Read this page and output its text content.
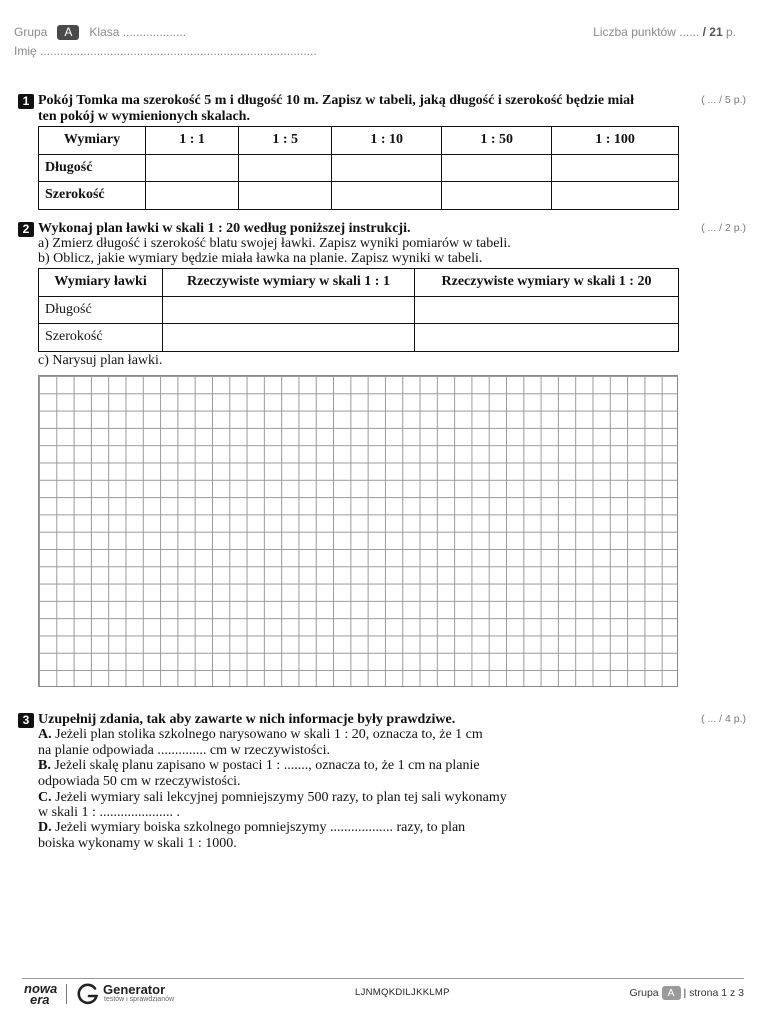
Grupa A Klasa ...................	Liczba punktów ...... / 21 p.
Imię ...................................................................................
1 Pokój Tomka ma szerokość 5 m i długość 10 m. Zapisz w tabeli, jaką długość i szerokość będzie miał
ten pokój w wymienionych skalach.
( ... / 5 p.)
Wymiary	1 : 1	1 : 5	1 : 10	1 : 50	1 : 100
Długość					
Szerokość					
2 Wykonaj plan ławki w skali 1 : 20 według poniższej instrukcji.	( ... / 2 p.)
a) Zmierz długość i szerokość blatu swojej ławki. Zapisz wyniki pomiarów w tabeli.
b) Oblicz, jakie wymiary będzie miała ławka na planie. Zapisz wyniki w tabeli.
Wymiary ławki	Rzeczywiste wymiary w skali 1 : 1	Rzeczywiste wymiary w skali 1 : 20
Długość		
Szerokość		
c) Narysuj plan ławki.
3 Uzupełnij zdania, tak aby zawarte w nich informacje były prawdziwe.	( ... / 4 p.)
A. Jeżeli plan stolika szkolnego narysowano w skali 1 : 20, oznacza to, że 1 cm
na planie odpowiada .............. cm w rzeczywistości.
B. Jeżeli skalę planu zapisano w postaci 1 : ......., oznacza to, że 1 cm na planie
odpowiada 50 cm w rzeczywistości.
C. Jeżeli wymiary sali lekcyjnej pomniejszymy 500 razy, to plan tej sali wykonamy
w skali 1 : ..................... .
D. Jeżeli wymiary boiska szkolnego pomniejszymy .................. razy, to plan
boiska wykonamy w skali 1 : 1000.
nowa
era
Generator
testów i sprawdzianów
LJNMQKDILJKKLMP	Grupa A | strona 1 z 3
